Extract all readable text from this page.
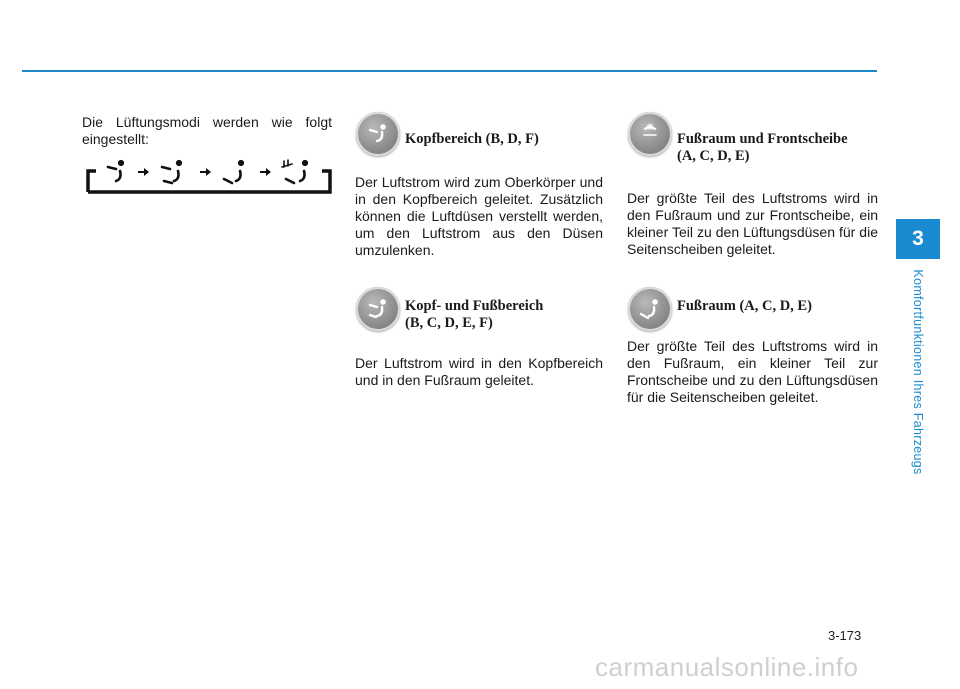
3
Komfortfunktionen Ihres Fahrzeugs

Die Lüftungsmodi werden wie folgt eingestellt:	Kopfbereich (B, D, F)

Der Luftstrom wird zum Oberkörper und in den Kopfbereich geleitet. Zusätzlich können die Luftdüsen verstellt werden, um den Luftstrom aus den Düsen umzulenken.

Kopf- und Fußbereich
(B, C, D, E, F)

Der Luftstrom wird in den Kopfbereich und in den Fußraum geleitet.

Fußraum und Frontscheibe
(A, C, D, E)

Der größte Teil des Luftstroms wird in den Fußraum und zur Frontscheibe, ein kleiner Teil zu den Lüftungsdüsen für die Seitenscheiben geleitet.

Fußraum (A, C, D, E)

Der größte Teil des Luftstroms wird in den Fußraum, ein kleiner Teil zur Frontscheibe und zu den Lüftungsdüsen für die Seitenscheiben geleitet.

3-173
carmanualsonline.info
